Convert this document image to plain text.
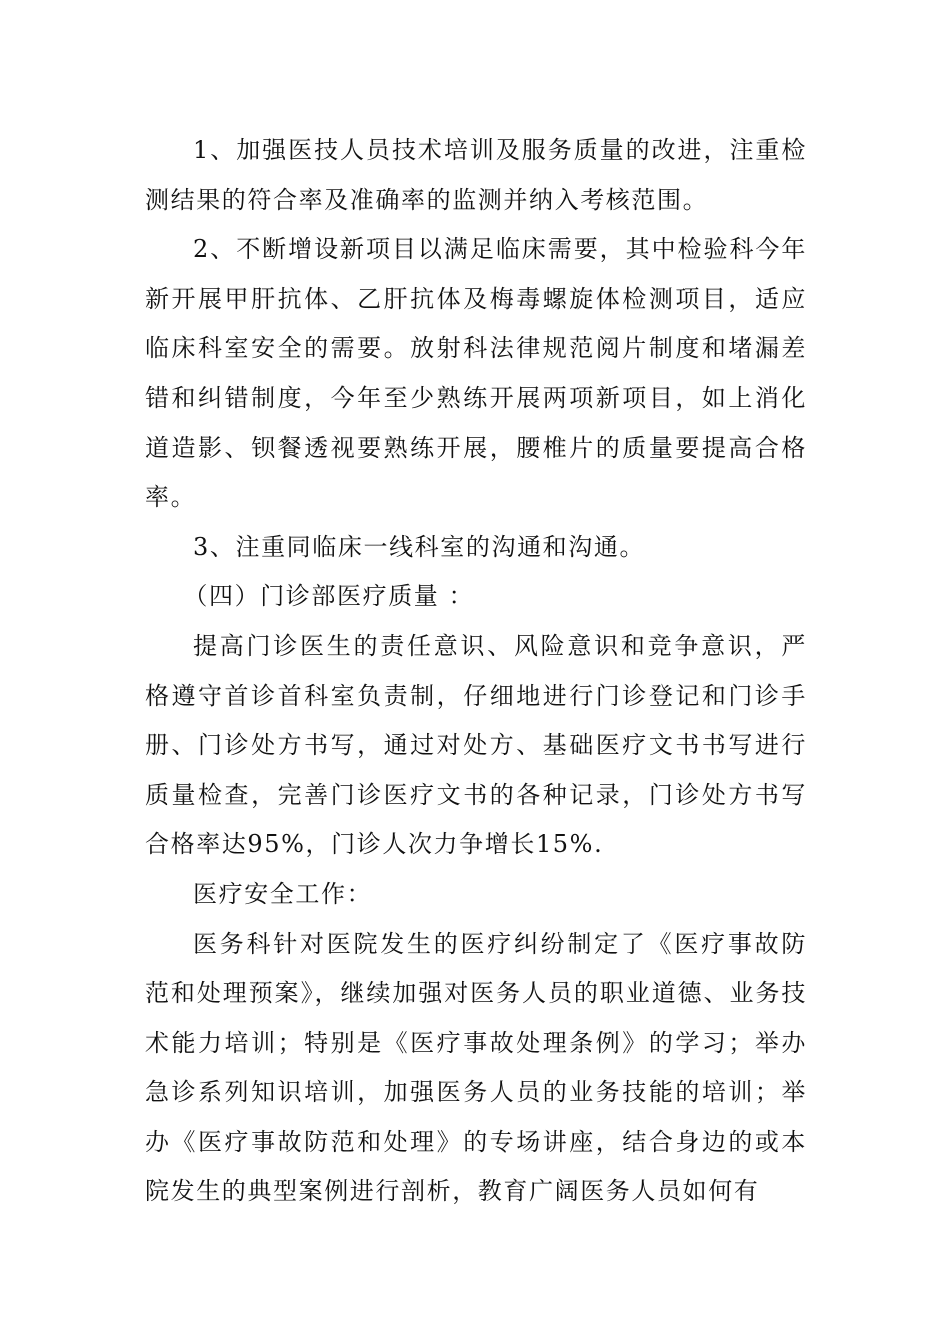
1、加强医技人员技术培训及服务质量的改进，注重检测结果的符合率及准确率的监测并纳入考核范围。

2、不断增设新项目以满足临床需要，其中检验科今年新开展甲肝抗体、乙肝抗体及梅毒螺旋体检测项目，适应临床科室安全的需要。放射科法律规范阅片制度和堵漏差错和纠错制度，今年至少熟练开展两项新项目，如上消化道造影、钡餐透视要熟练开展，腰椎片的质量要提高合格率。

3、注重同临床一线科室的沟通和沟通。

（四）门诊部医疗质量 ：

提高门诊医生的责任意识、风险意识和竞争意识，严格遵守首诊首科室负责制，仔细地进行门诊登记和门诊手册、门诊处方书写，通过对处方、基础医疗文书书写进行质量检查，完善门诊医疗文书的各种记录，门诊处方书写合格率达95%，门诊人次力争增长15%.

医疗安全工作：

医务科针对医院发生的医疗纠纷制定了《医疗事故防范和处理预案》，继续加强对医务人员的职业道德、业务技术能力培训；特别是《医疗事故处理条例》的学习；举办急诊系列知识培训，加强医务人员的业务技能的培训；举办《医疗事故防范和处理》的专场讲座，结合身边的或本院发生的典型案例进行剖析，教育广阔医务人员如何有
